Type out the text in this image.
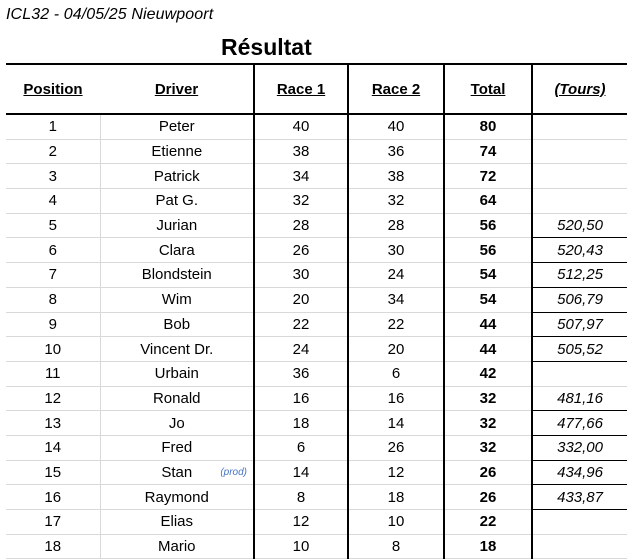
ICL32 - 04/05/25 Nieuwpoort
Résultat
Position	Driver	Race 1	Race 2	Total	(Tours)
1	Peter	40	40	80	
2	Etienne	38	36	74	
3	Patrick	34	38	72	
4	Pat G.	32	32	64	
5	Jurian	28	28	56	520,50
6	Clara	26	30	56	520,43
7	Blondstein	30	24	54	512,25
8	Wim	20	34	54	506,79
9	Bob	22	22	44	507,97
10	Vincent Dr.	24	20	44	505,52
11	Urbain	36	6	42	
12	Ronald	16	16	32	481,16
13	Jo	18	14	32	477,66
14	Fred	6	26	32	332,00
15	Stan (prod)	14	12	26	434,96
16	Raymond	8	18	26	433,87
17	Elias	12	10	22	
18	Mario	10	8	18	
